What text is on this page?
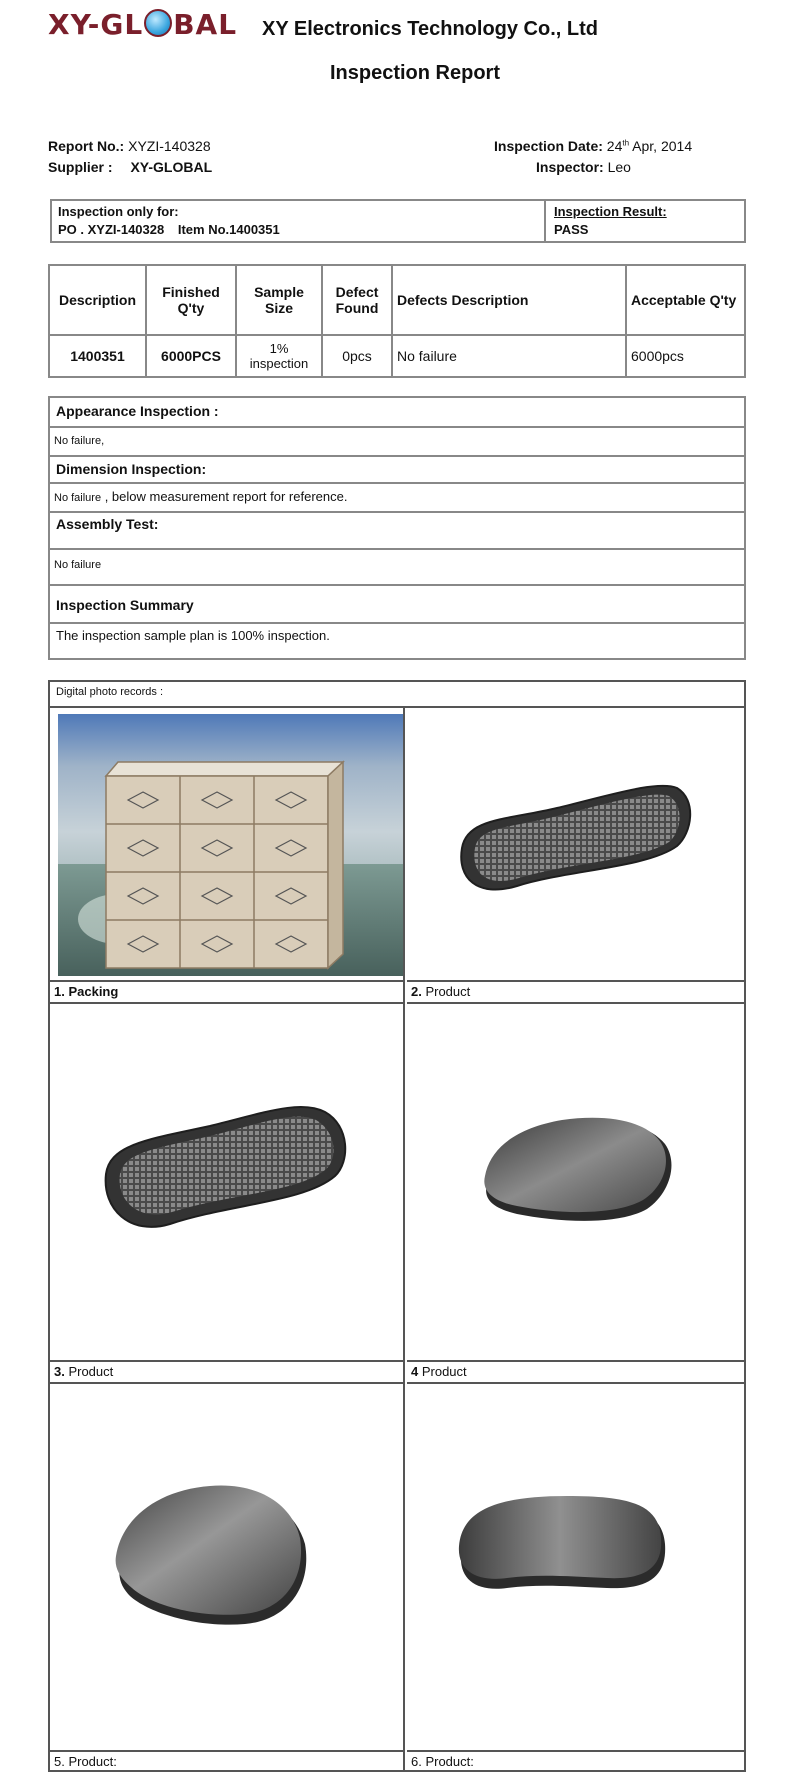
XY-GL BAL XY Electronics Technology Co., Ltd
Inspection Report
Report No.: XYZI-140328
Supplier : XY-GLOBAL
Inspection Date: 24th Apr, 2014
Inspector: Leo
Inspection only for:
PO . XYZI-140328 Item No.1400351
Inspection Result:
PASS
Description	Finished Q'ty	Sample Size	Defect Found	Defects Description	Acceptable Q'ty
1400351	6000PCS	1% inspection	0pcs	No failure	6000pcs
Appearance Inspection :
No failure,
Dimension Inspection:
No failure , below measurement report for reference.
Assembly Test:
No failure
Inspection Summary
The inspection sample plan is 100% inspection.
Digital photo records :
1. Packing	2. Product
3. Product	4 Product
5. Product:	6. Product:
